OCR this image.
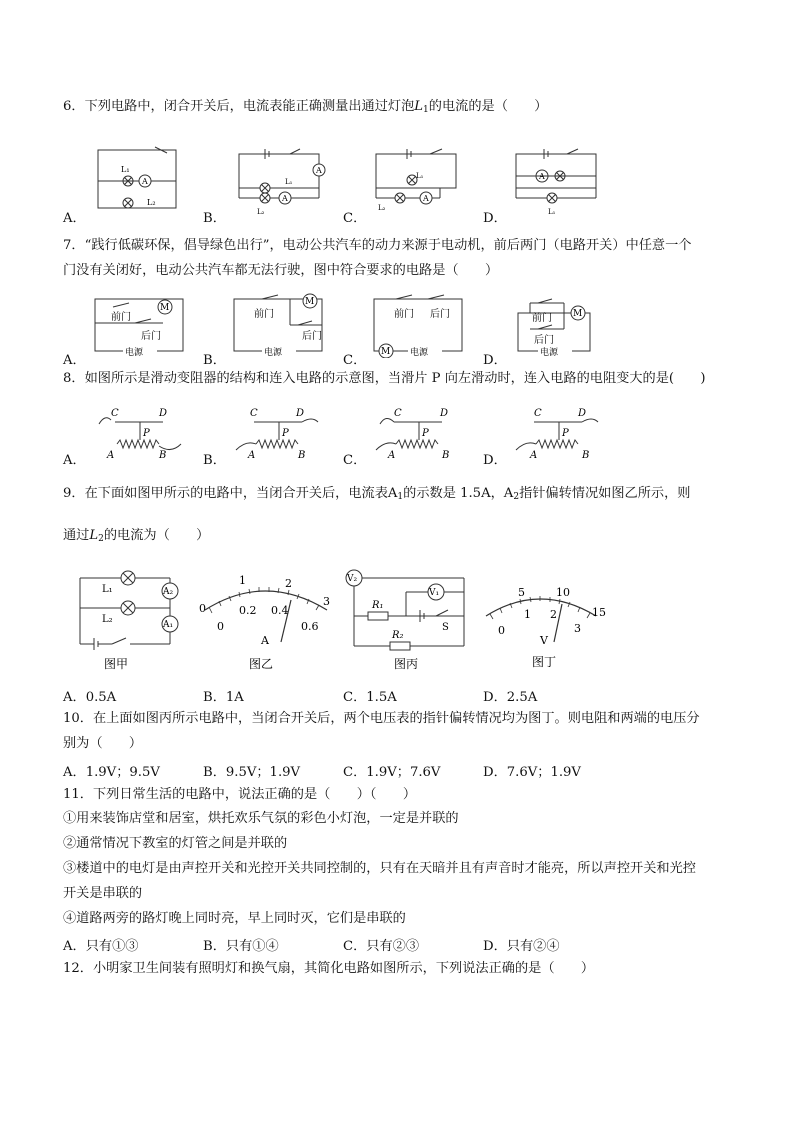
6．下列电路中，闭合开关后，电流表能正确测量出通过灯泡$L_1$的电流的是（　　）
A
L₁
L₂
A．
A
A
L₂
L₁
B．
A
L₁
L₂
C．
A
L₁
D．
7．“践行低碳环保，倡导绿色出行”，电动公共汽车的动力来源于电动机，前后两门（电路开关）中任意一个
门没有关闭好，电动公共汽车都无法行驶，图中符合要求的电路是（　　）
M
前门
后门
电源
A．
M
前门
后门
电源
B．
前门 后门
M 电源
C．
M
前门
后门
电源
D．
8．如图所示是滑动变阻器的结构和连入电路的示意图，当滑片 P 向左滑动时，连入电路的电阻变大的是(　　)
C	D
P
A	B
A．
C	D
P
A	B
B．
C	D
P
A	B
C．
C	D
P
A	B
D．
9．在下面如图甲所示的电路中，当闭合开关后，电流表$A_1$的示数是 1.5A，$A_2$指针偏转情况如图乙所示，则
通过$L_2$的电流为（　　）
L₁
L₂
A₂
A₁
图甲
0
1	2
3
0
0.2 0.4
0.6
A
图乙
V₂
V₁
R₁
R₂
S
图丙
5	10
15
0
1 2
3
V
图丁
A．0.5A	B．1A	C．1.5A	D．2.5A
10．在上面如图丙所示电路中，当闭合开关后，两个电压表的指针偏转情况均为图丁。则电阻和两端的电压分
别为（　　）
A．1.9V；9.5V	B．9.5V；1.9V	C．1.9V；7.6V	D．7.6V；1.9V
11．下列日常生活的电路中，说法正确的是（　　）（　　）
①用来装饰店堂和居室，烘托欢乐气氛的彩色小灯泡，一定是并联的
②通常情况下教室的灯管之间是并联的
③楼道中的电灯是由声控开关和光控开关共同控制的，只有在天暗并且有声音时才能亮，所以声控开关和光控
开关是串联的
④道路两旁的路灯晚上同时亮，早上同时灭，它们是串联的
A．只有①③	B．只有①④	C．只有②③	D．只有②④
12．小明家卫生间装有照明灯和换气扇，其简化电路如图所示，下列说法正确的是（　　）
